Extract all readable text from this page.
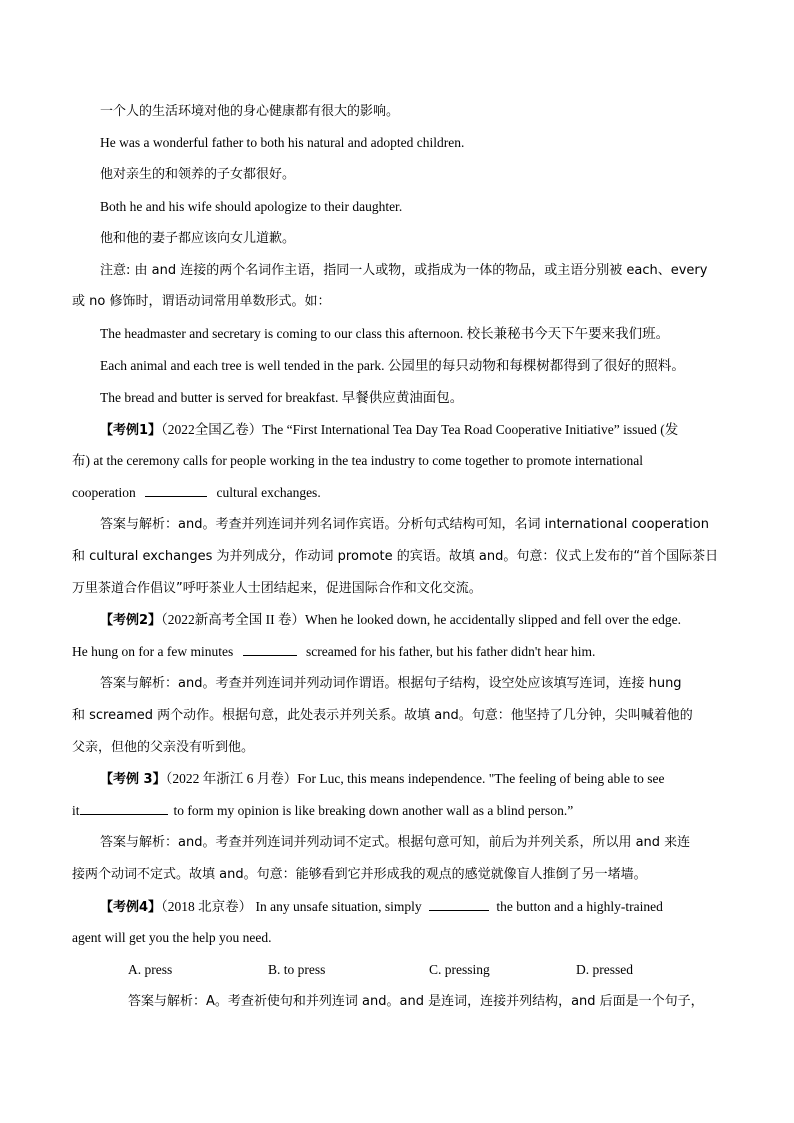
一个人的生活环境对他的身心健康都有很大的影响。
He was a wonderful father to both his natural and adopted children.
他对亲生的和领养的子女都很好。
Both he and his wife should apologize to their daughter.
他和他的妻子都应该向女儿道歉。
注意: 由 and 连接的两个名词作主语，指同一人或物，或指成为一体的物品，或主语分别被 each、every
或 no 修饰时，谓语动词常用单数形式。如：
The headmaster and secretary is coming to our class this afternoon. 校长兼秘书今天下午要来我们班。
Each animal and each tree is well tended in the park. 公园里的每只动物和每棵树都得到了很好的照料。
The bread and butter is served for breakfast. 早餐供应黄油面包。
【考例1】（2022全国乙卷）The “First International Tea Day Tea Road Cooperative Initiative” issued (发
布) at the ceremony calls for people working in the tea industry to come together to promote international
cooperation	cultural exchanges.
答案与解析：and。考查并列连词并列名词作宾语。分析句式结构可知，名词 international cooperation
和 cultural exchanges 为并列成分，作动词 promote 的宾语。故填 and。句意：仪式上发布的“首个国际茶日
万里茶道合作倡议”呼吁茶业人士团结起来，促进国际合作和文化交流。
【考例2】（2022新高考全国 II 卷）When he looked down, he accidentally slipped and fell over the edge.
He hung on for a few minutes	screamed for his father, but his father didn't hear him.
答案与解析：and。考查并列连词并列动词作谓语。根据句子结构，设空处应该填写连词，连接 hung
和 screamed 两个动作。根据句意，此处表示并列关系。故填 and。句意：他坚持了几分钟，尖叫喊着他的
父亲，但他的父亲没有听到他。
【考例 3】（2022 年浙江 6 月卷）For Luc, this means independence. "The feeling of being able to see
it	to form my opinion is like breaking down another wall as a blind person.”
答案与解析：and。考查并列连词并列动词不定式。根据句意可知，前后为并列关系，所以用 and 来连
接两个动词不定式。故填 and。句意：能够看到它并形成我的观点的感觉就像盲人推倒了另一堵墙。
【考例4】（2018 北京卷） In any unsafe situation, simply	the button and a highly-trained
agent will get you the help you need.
A. press	B. to press	C. pressing	D. pressed
答案与解析：A。考查祈使句和并列连词 and。and 是连词，连接并列结构，and 后面是一个句子，
